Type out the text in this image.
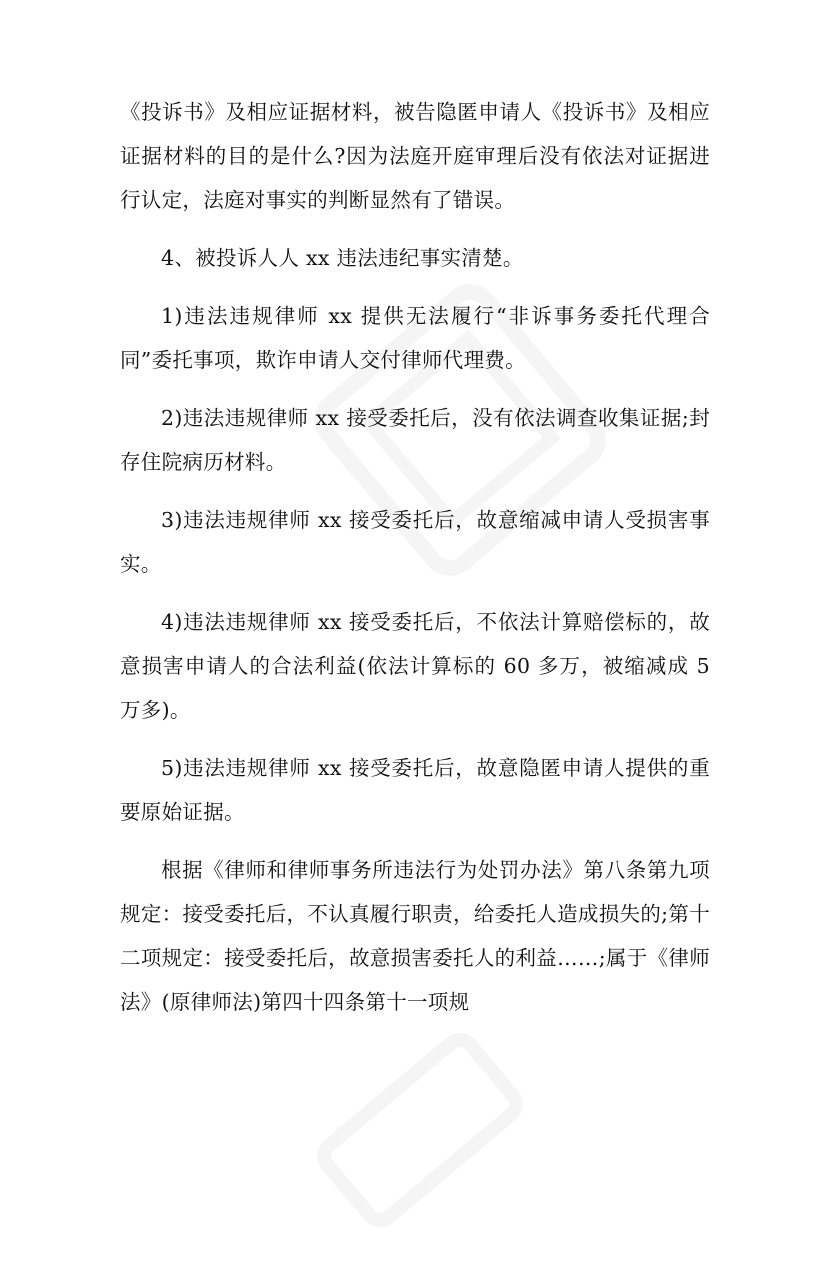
《投诉书》及相应证据材料，被告隐匿申请人《投诉书》及相应证据材料的目的是什么?因为法庭开庭审理后没有依法对证据进行认定，法庭对事实的判断显然有了错误。

4、被投诉人人 xx 违法违纪事实清楚。

1)违法违规律师 xx 提供无法履行“非诉事务委托代理合同”委托事项，欺诈申请人交付律师代理费。

2)违法违规律师 xx 接受委托后，没有依法调查收集证据;封存住院病历材料。

3)违法违规律师 xx 接受委托后，故意缩减申请人受损害事实。

4)违法违规律师 xx 接受委托后，不依法计算赔偿标的，故意损害申请人的合法利益(依法计算标的 60 多万，被缩减成 5 万多)。

5)违法违规律师 xx 接受委托后，故意隐匿申请人提供的重要原始证据。

根据《律师和律师事务所违法行为处罚办法》第八条第九项规定：接受委托后，不认真履行职责，给委托人造成损失的;第十二项规定：接受委托后，故意损害委托人的利益……;属于《律师法》(原律师法)第四十四条第十一项规
